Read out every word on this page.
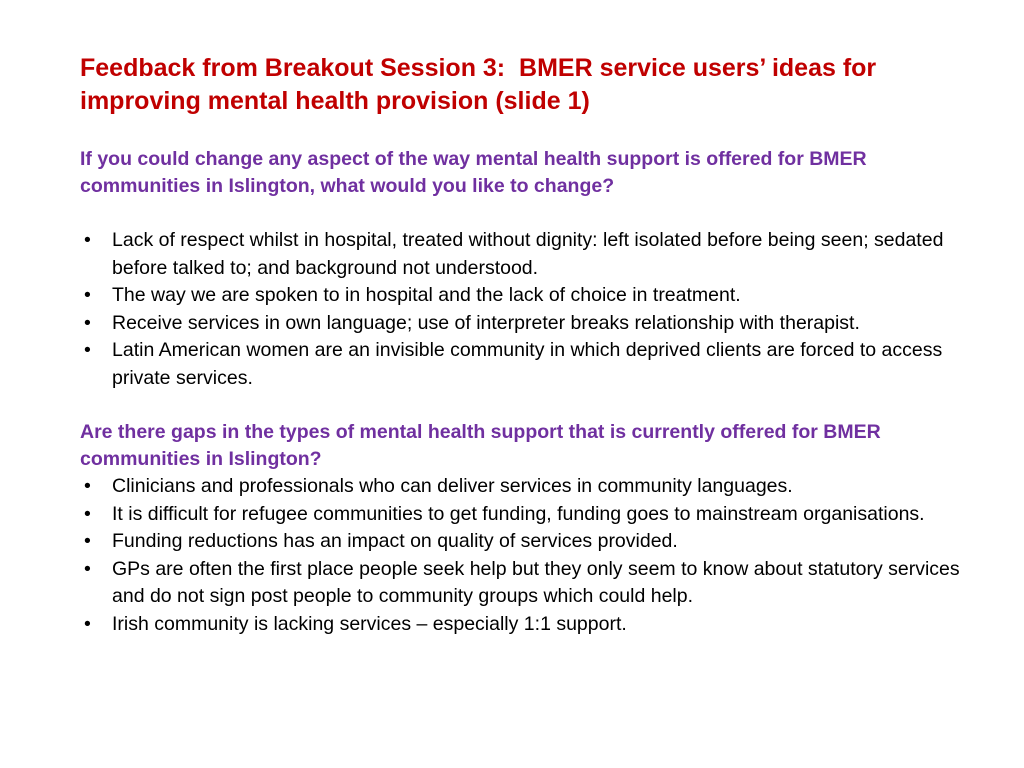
Feedback from Breakout Session 3:  BMER service users’ ideas for improving mental health provision (slide 1)

If you could change any aspect of the way mental health support is offered for BMER communities in Islington, what would you like to change?

• Lack of respect whilst in hospital, treated without dignity: left isolated before being seen; sedated before talked to; and background not understood.
• The way we are spoken to in hospital and the lack of choice in treatment.
• Receive services in own language; use of interpreter breaks relationship with therapist.
• Latin American women are an invisible community in which deprived clients are forced to access private services.

Are there gaps in the types of mental health support that is currently offered for BMER communities in Islington?

• Clinicians and professionals who can deliver services in community languages.
• It is difficult for refugee communities to get funding, funding goes to mainstream organisations.
• Funding reductions has an impact on quality of services provided.
• GPs are often the first place people seek help but they only seem to know about statutory services and do not sign post people to community groups which could help.
• Irish community is lacking services – especially 1:1 support.
